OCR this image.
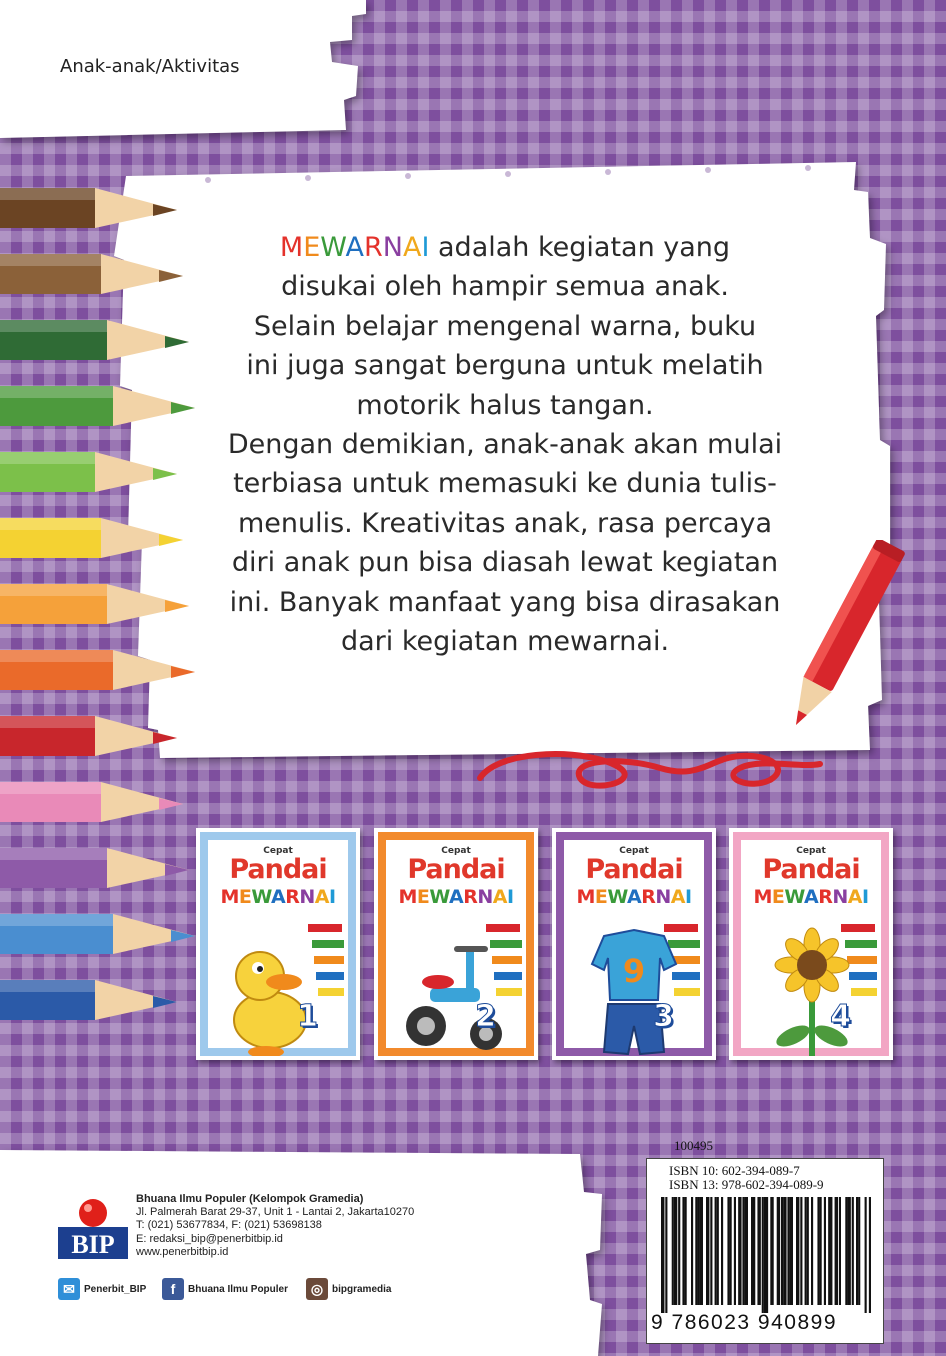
Anak-anak/Aktivitas
MEWARNAI adalah kegiatan yang
disukai oleh hampir semua anak.
Selain belajar mengenal warna, buku
ini juga sangat berguna untuk melatih
motorik halus tangan.
Dengan demikian, anak-anak akan mulai
terbiasa untuk memasuki ke dunia tulis-
menulis. Kreativitas anak, rasa percaya
diri anak pun bisa diasah lewat kegiatan
ini. Banyak manfaat yang bisa dirasakan
dari kegiatan mewarnai.
Cepat
Pandai
MEWARNAI
1
Cepat
Pandai
MEWARNAI
2
9
Cepat
Pandai
MEWARNAI
3
Cepat
Pandai
MEWARNAI
4
BIP
Bhuana Ilmu Populer (Kelompok Gramedia)
Jl. Palmerah Barat 29-37, Unit 1 - Lantai 2, Jakarta10270
T: (021) 53677834, F: (021) 53698138
E: redaksi_bip@penerbitbip.id
www.penerbitbip.id
✉ Penerbit_BIP	f	Bhuana Ilmu Populer	◎ bipgramedia
100495
ISBN 10: 602-394-089-7
ISBN 13: 978-602-394-089-9
9 786023 940899
